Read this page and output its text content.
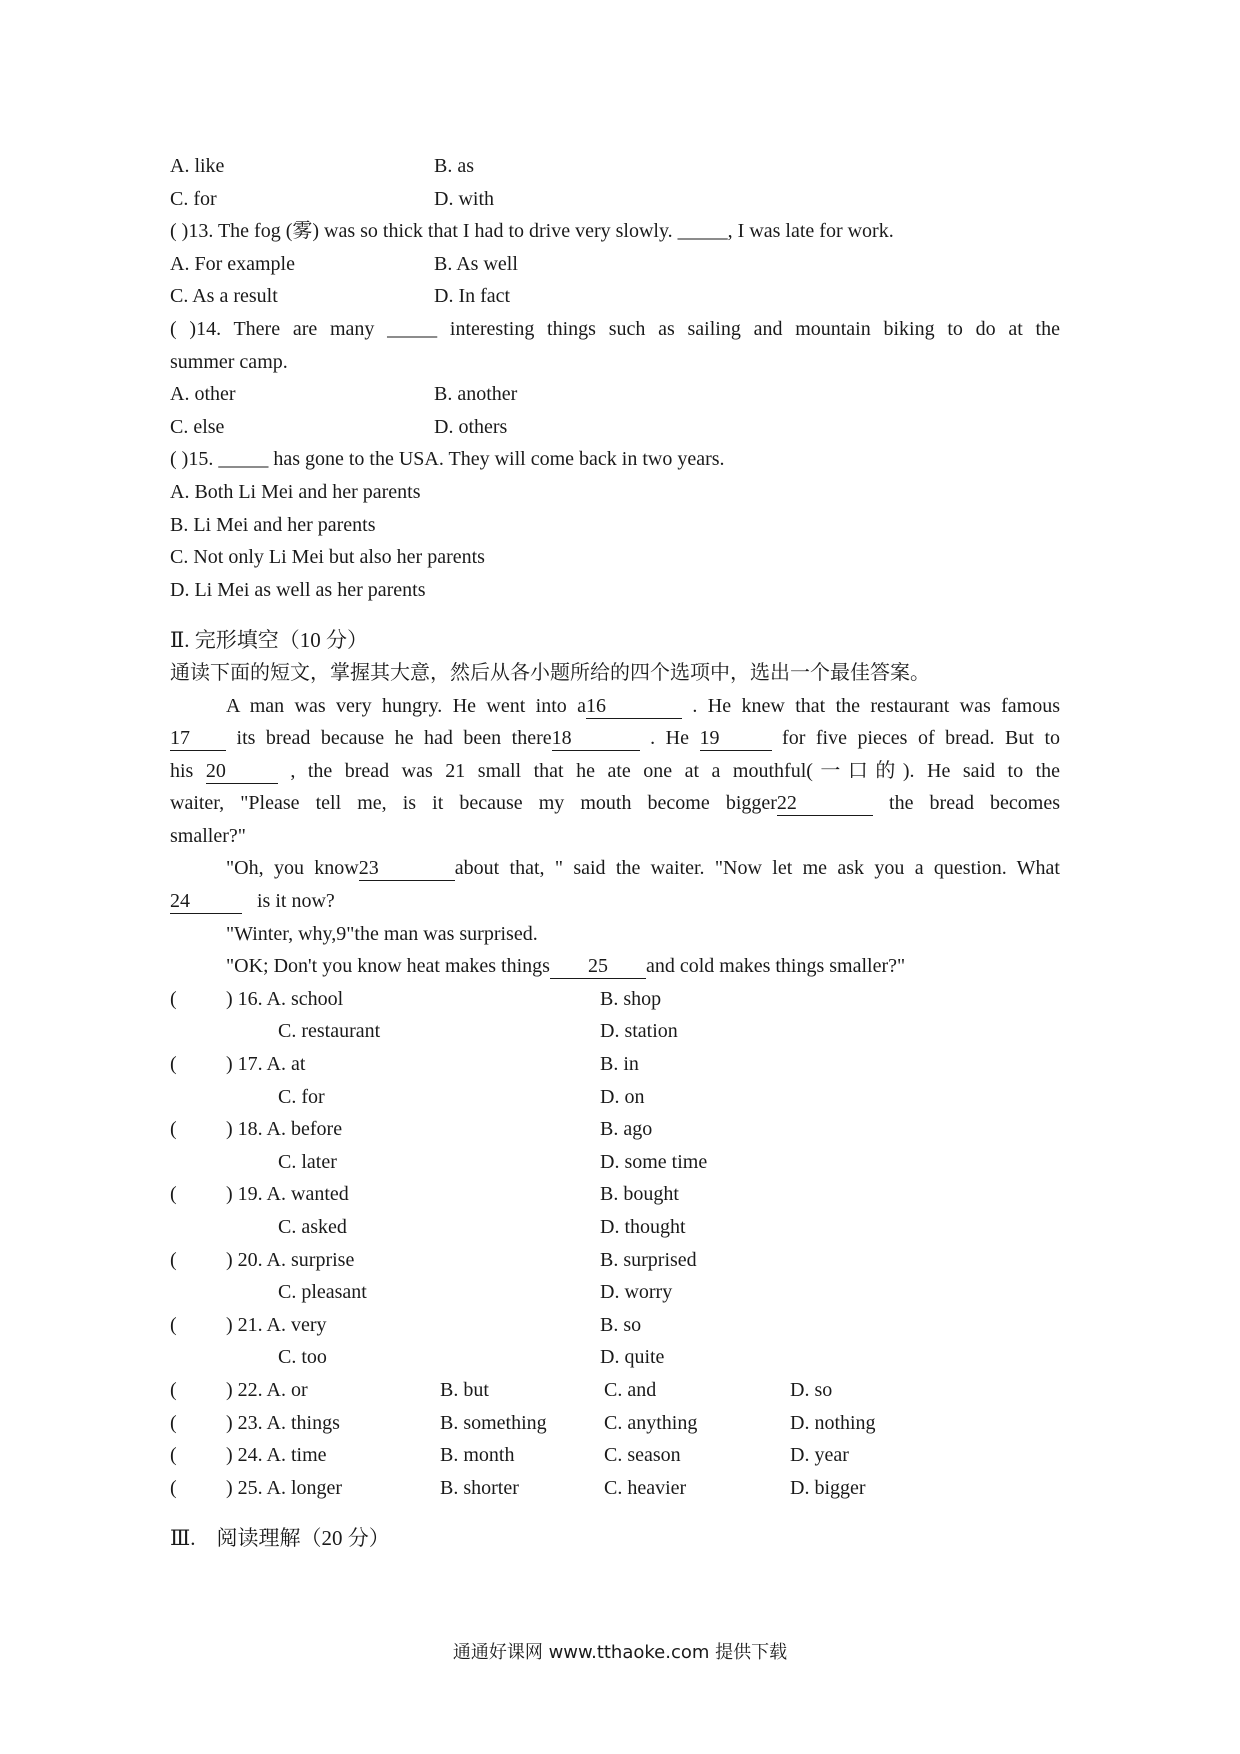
A. like	B. as
C. for	D. with
( )13. The fog (雾) was so thick that I had to drive very slowly. _____, I was late for work.
A. For example	B. As well
C. As a result	D. In fact
( )14. There are many _____ interesting things such as sailing and mountain biking to do at the
summer camp.
A. other	B. another
C. else	D. others
( )15. _____ has gone to the USA. They will come back in two years.
A. Both Li Mei and her parents
B. Li Mei and her parents
C. Not only Li Mei but also her parents
D. Li Mei as well as her parents
Ⅱ. 完形填空（10 分）
通读下面的短文，掌握其大意，然后从各小题所给的四个选项中，选出一个最佳答案。
A man was very hungry. He went into a16	. He knew that the restaurant was famous
17 its bread because he had been there18	. He 19	for five pieces of bread. But to
his 20	, the bread was 21 small that he ate one at a mouthful(一口的). He said to the
waiter, "Please tell me, is it because my mouth become bigger22	the bread becomes
smaller?"
"Oh, you know23	about that, " said the waiter. "Now let me ask you a question. What
24	is it now?
"Winter, why,9"the man was surprised.
"OK; Don't you know heat makes things 25 and cold makes things smaller?"
( ) 16. A. school	B. shop
C. restaurant	D. station
( ) 17. A. at	B. in
C. for	D. on
( ) 18. A. before	B. ago
C. later	D. some time
( ) 19. A. wanted	B. bought
C. asked	D. thought
( ) 20. A. surprise	B. surprised
C. pleasant	D. worry
( ) 21. A. very	B. so
C. too	D. quite
( ) 22. A. or	B. but	C. and	D. so
( ) 23. A. things	B. something	C. anything	D. nothing
( ) 24. A. time	B. month	C. season	D. year
( ) 25. A. longer	B. shorter	C. heavier	D. bigger
Ⅲ.　阅读理解（20 分）
通通好课网 www.tthaoke.com 提供下载
